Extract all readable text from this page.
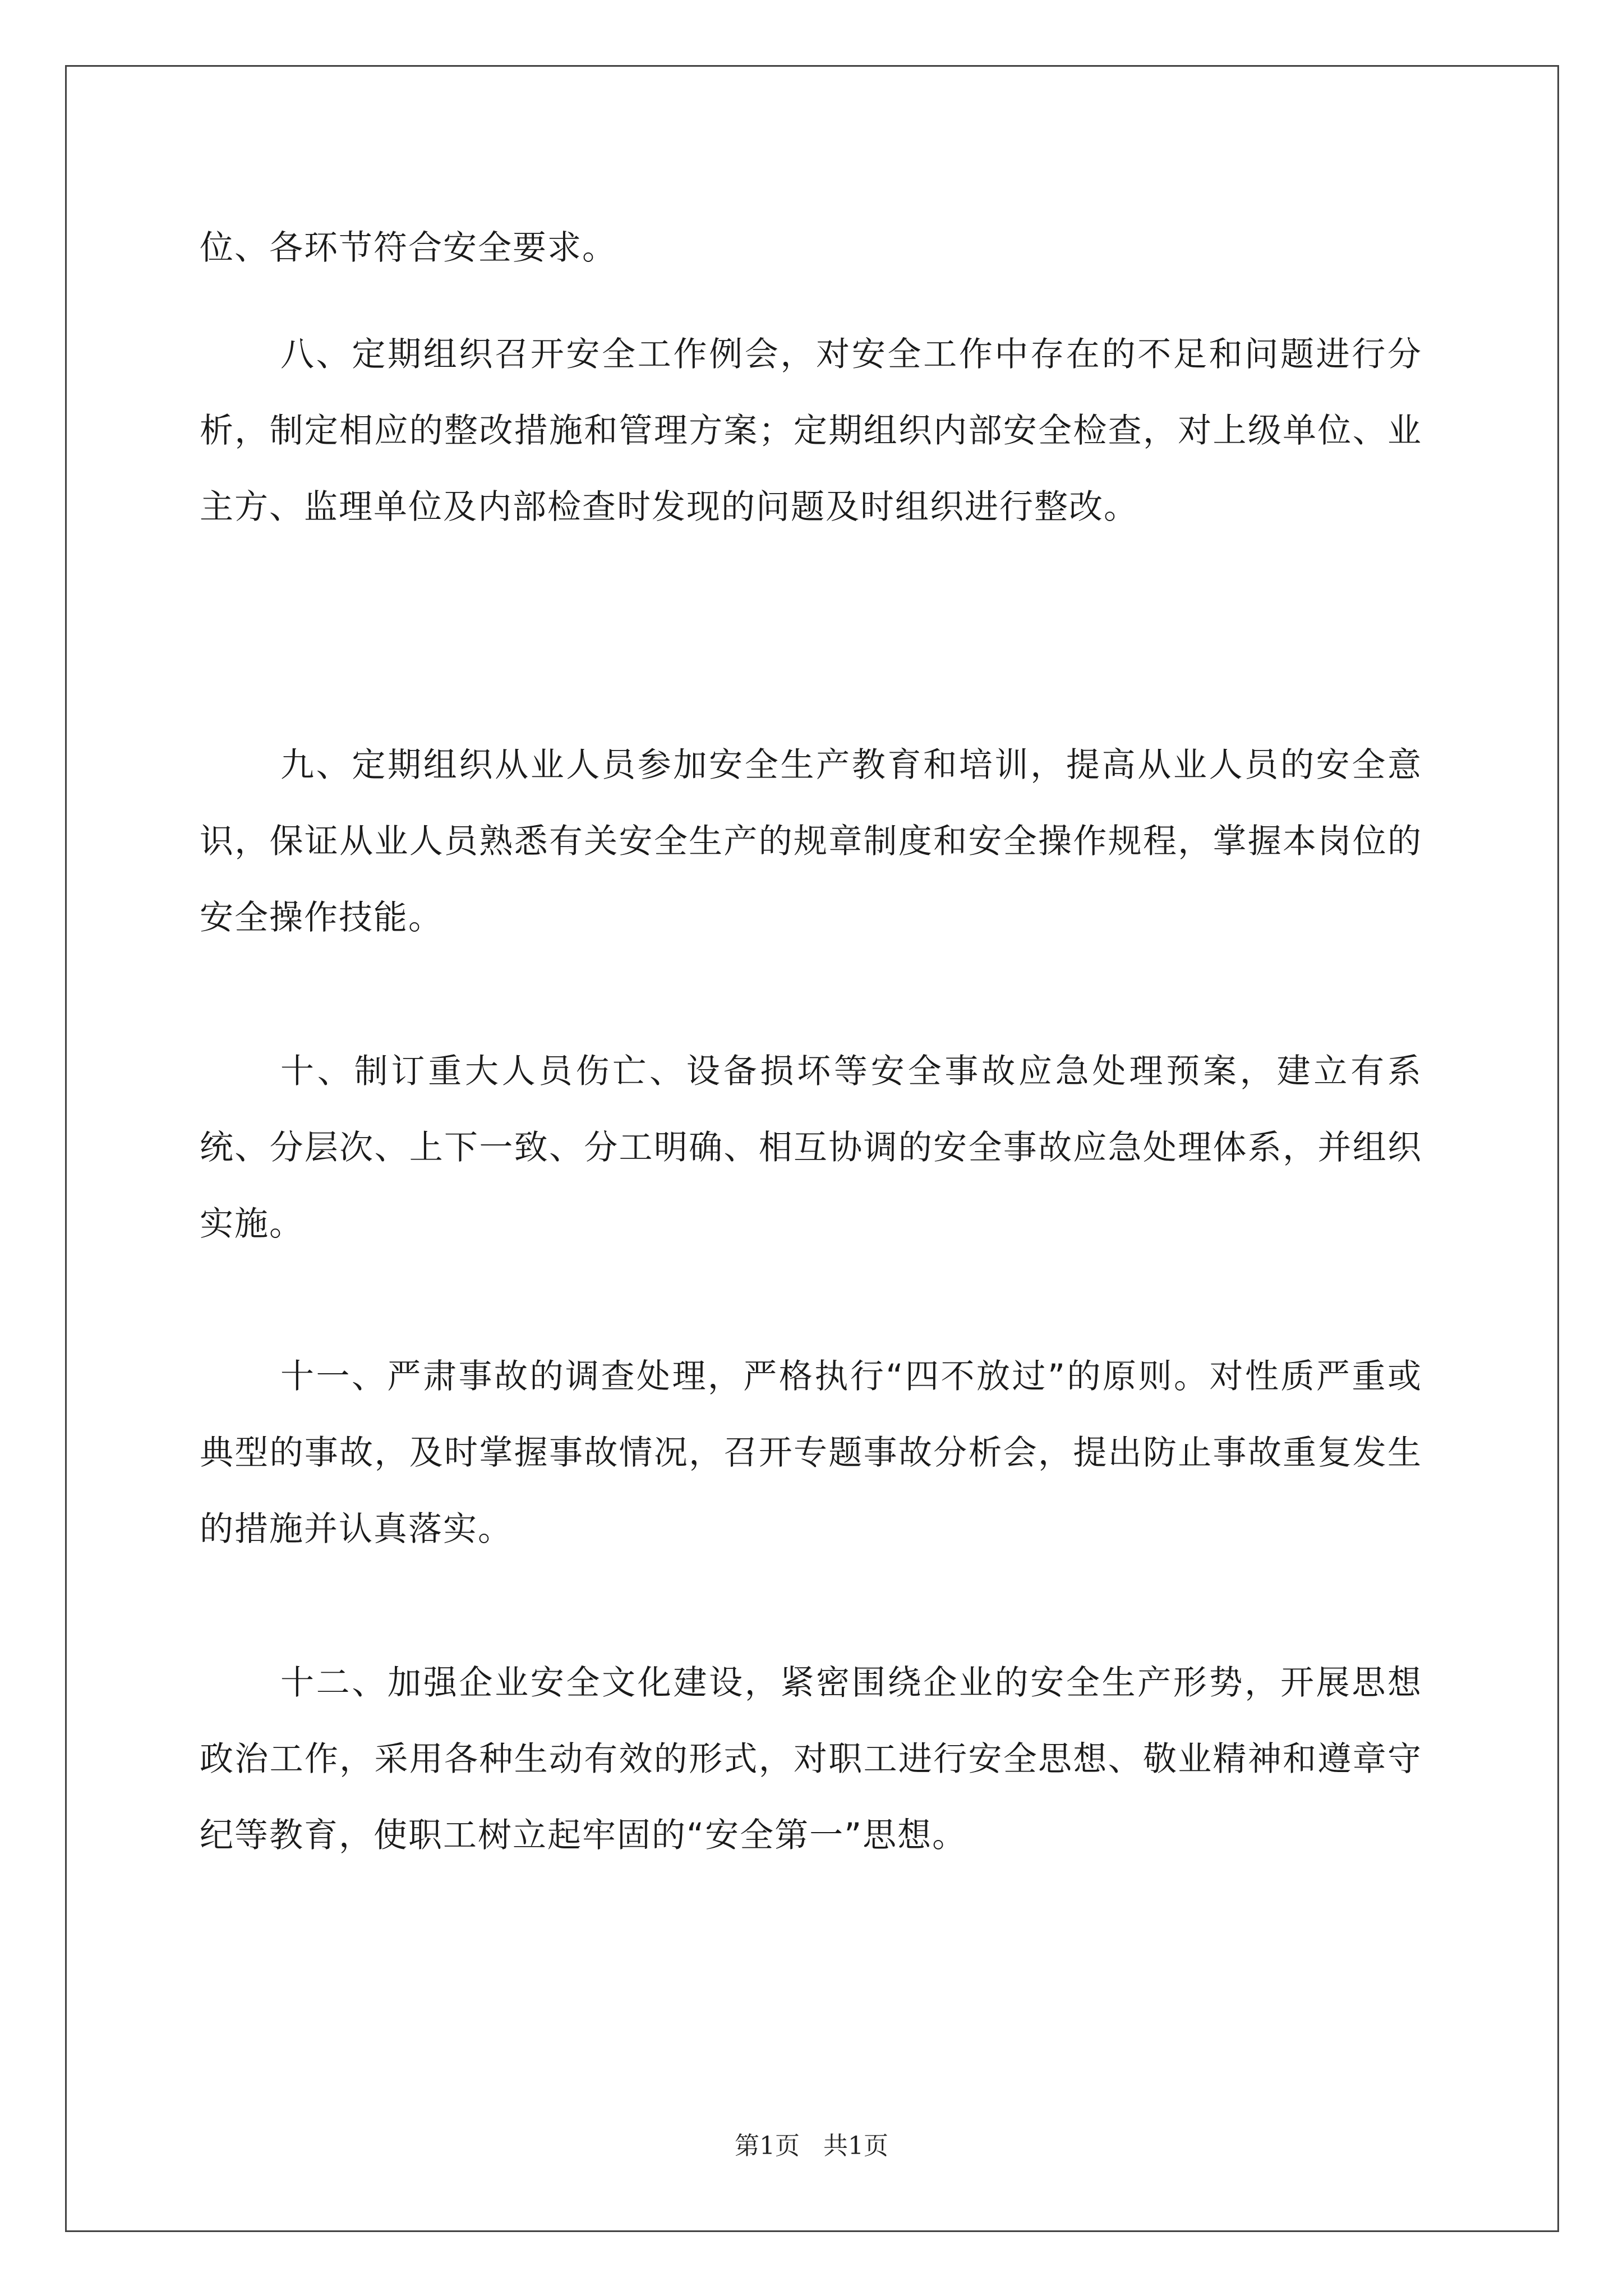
位、各环节符合安全要求。

八、定期组织召开安全工作例会，对安全工作中存在的不足和问题进行分析，制定相应的整改措施和管理方案；定期组织内部安全检查，对上级单位、业主方、监理单位及内部检查时发现的问题及时组织进行整改。

九、定期组织从业人员参加安全生产教育和培训，提高从业人员的安全意识，保证从业人员熟悉有关安全生产的规章制度和安全操作规程，掌握本岗位的安全操作技能。

十、制订重大人员伤亡、设备损坏等安全事故应急处理预案，建立有系统、分层次、上下一致、分工明确、相互协调的安全事故应急处理体系，并组织实施。

十一、严肃事故的调查处理，严格执行“四不放过”的原则。对性质严重或典型的事故，及时掌握事故情况，召开专题事故分析会，提出防止事故重复发生的措施并认真落实。

十二、加强企业安全文化建设，紧密围绕企业的安全生产形势，开展思想政治工作，采用各种生动有效的形式，对职工进行安全思想、敬业精神和遵章守纪等教育，使职工树立起牢固的“安全第一”思想。

第1页   共1页
